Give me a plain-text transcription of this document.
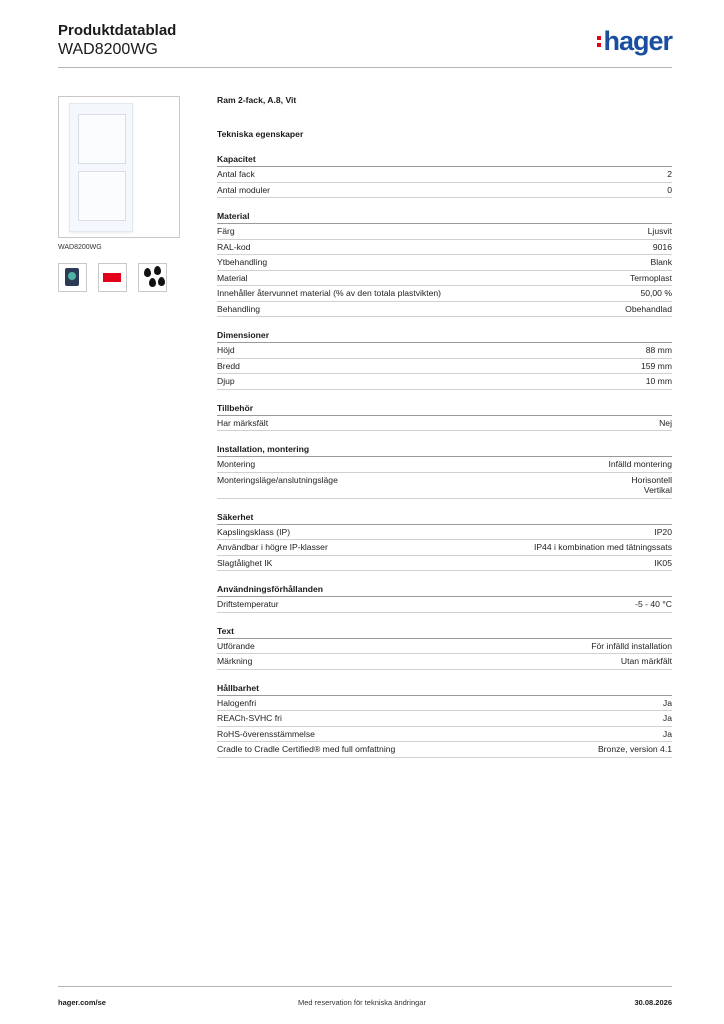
Produktdatablad
WAD8200WG	hager
WAD8200WG
Ram 2-fack, A.8, Vit
Tekniska egenskaper
Kapacitet
Antal fack	2
Antal moduler	0
Material
Färg	Ljusvit
RAL-kod	9016
Ytbehandling	Blank
Material	Termoplast
Innehåller återvunnet material (% av den totala plastvikten)	50,00 %
Behandling	Obehandlad
Dimensioner
Höjd	88 mm
Bredd	159 mm
Djup	10 mm
Tillbehör
Har märksfält	Nej
Installation, montering
Montering	Infälld montering
Monteringsläge/anslutningsläge	Horisontell
Vertikal
Säkerhet
Kapslingsklass (IP)	IP20
Användbar i högre IP-klasser	IP44 i kombination med tätningssats
Slagtålighet IK	IK05
Användningsförhållanden
Driftstemperatur	-5 - 40 °C
Text
Utförande	För infälld installation
Märkning	Utan märkfält
Hållbarhet
Halogenfri	Ja
REACh-SVHC fri	Ja
RoHS-överensstämmelse	Ja
Cradle to Cradle Certified® med full omfattning	Bronze, version 4.1
hager.com/se	Med reservation för tekniska ändringar	30.08.2026
